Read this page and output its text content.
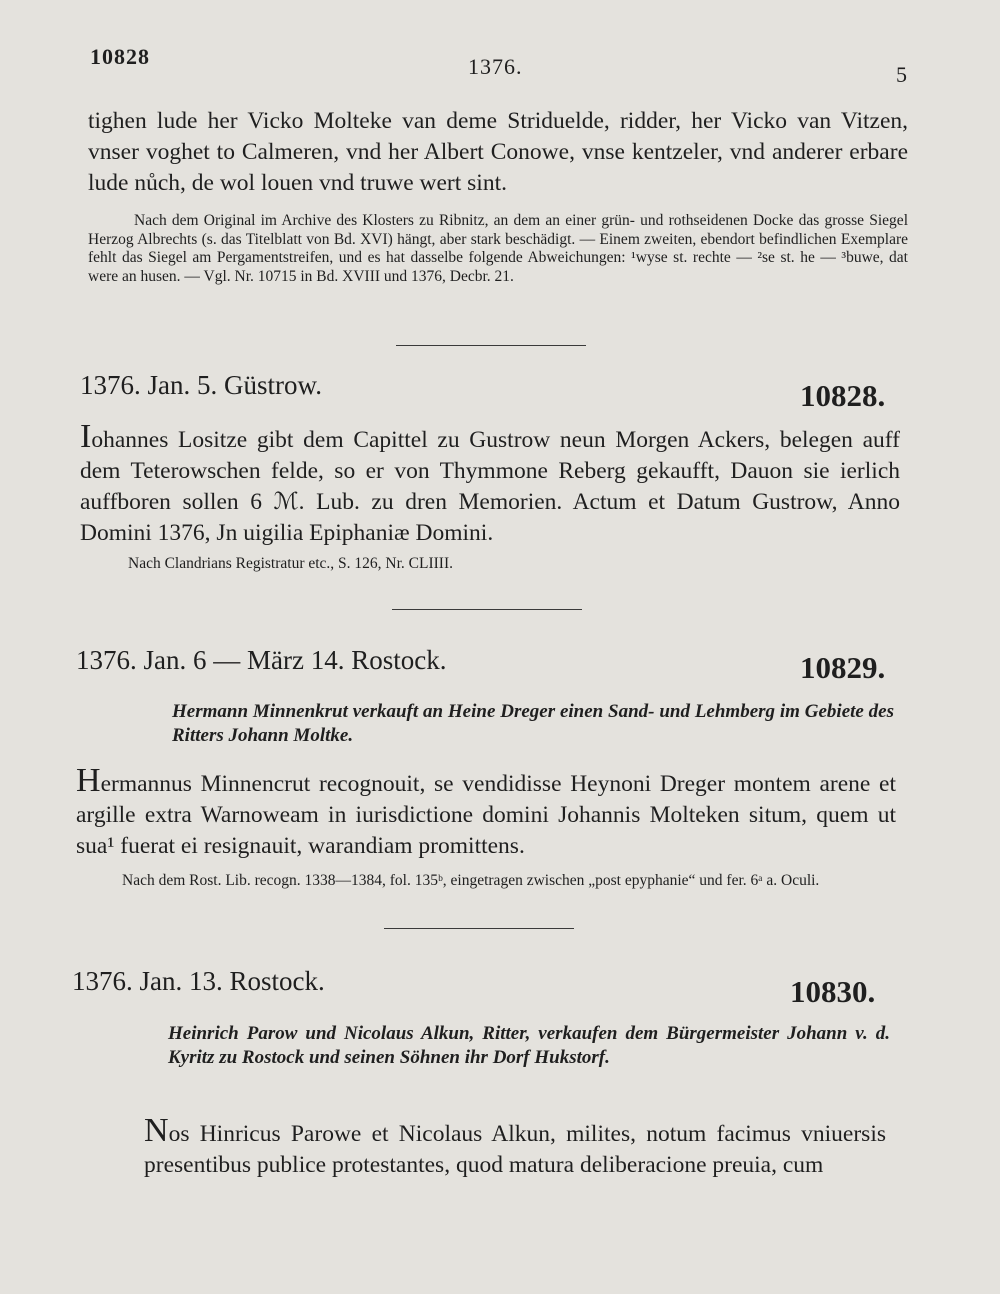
10828	1376.	5
tighen lude her Vicko Molteke van deme Striduelde, ridder, her Vicko van Vitzen, vnser voghet to Calmeren, vnd her Albert Conowe, vnse kentzeler, vnd anderer erbare lude nůch, de wol louen vnd truwe wert sint.
Nach dem Original im Archive des Klosters zu Ribnitz, an dem an einer grün- und rothseidenen Docke das grosse Siegel Herzog Albrechts (s. das Titelblatt von Bd. XVI) hängt, aber stark beschädigt. — Einem zweiten, ebendort befindlichen Exemplare fehlt das Siegel am Pergamentstreifen, und es hat dasselbe folgende Abweichungen: ¹wyse st. rechte — ²se st. he — ³buwe, dat were an husen. — Vgl. Nr. 10715 in Bd. XVIII und 1376, Decbr. 21.
1376. Jan. 5. Güstrow.	10828.
Iohannes Lositze gibt dem Capittel zu Gustrow neun Morgen Ackers, belegen auff dem Teterowschen felde, so er von Thymmone Reberg gekaufft, Dauon sie ierlich auffboren sollen 6 ℳ. Lub. zu dren Memorien. Actum et Datum Gustrow, Anno Domini 1376, Jn uigilia Epiphaniæ Domini.
Nach Clandrians Registratur etc., S. 126, Nr. CLIIII.
1376. Jan. 6 — März 14. Rostock.	10829.
Hermann Minnenkrut verkauft an Heine Dreger einen Sand- und Lehmberg im Gebiete des Ritters Johann Moltke.
Hermannus Minnencrut recognouit, se vendidisse Heynoni Dreger montem arene et argille extra Warnoweam in iurisdictione domini Johannis Molteken situm, quem ut sua¹ fuerat ei resignauit, warandiam promittens.
Nach dem Rost. Lib. recogn. 1338—1384, fol. 135ᵇ, eingetragen zwischen „post epyphanie“ und fer. 6ᵃ a. Oculi.
1376. Jan. 13. Rostock.	10830.
Heinrich Parow und Nicolaus Alkun, Ritter, verkaufen dem Bürgermeister Johann v. d. Kyritz zu Rostock und seinen Söhnen ihr Dorf Hukstorf.
Nos Hinricus Parowe et Nicolaus Alkun, milites, notum facimus vniuersis presentibus publice protestantes, quod matura deliberacione preuia, cum
